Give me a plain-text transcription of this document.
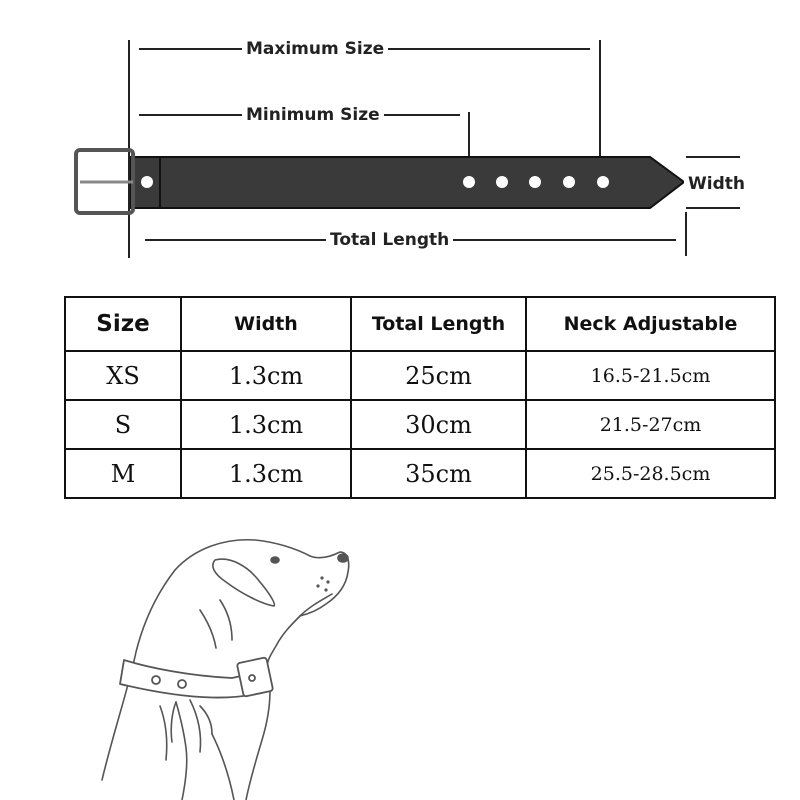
Maximum Size
Minimum Size
Total Length
Width
Size	Width	Total Length	Neck Adjustable
XS	1.3cm	25cm	16.5-21.5cm
S	1.3cm	30cm	21.5-27cm
M	1.3cm	35cm	25.5-28.5cm
